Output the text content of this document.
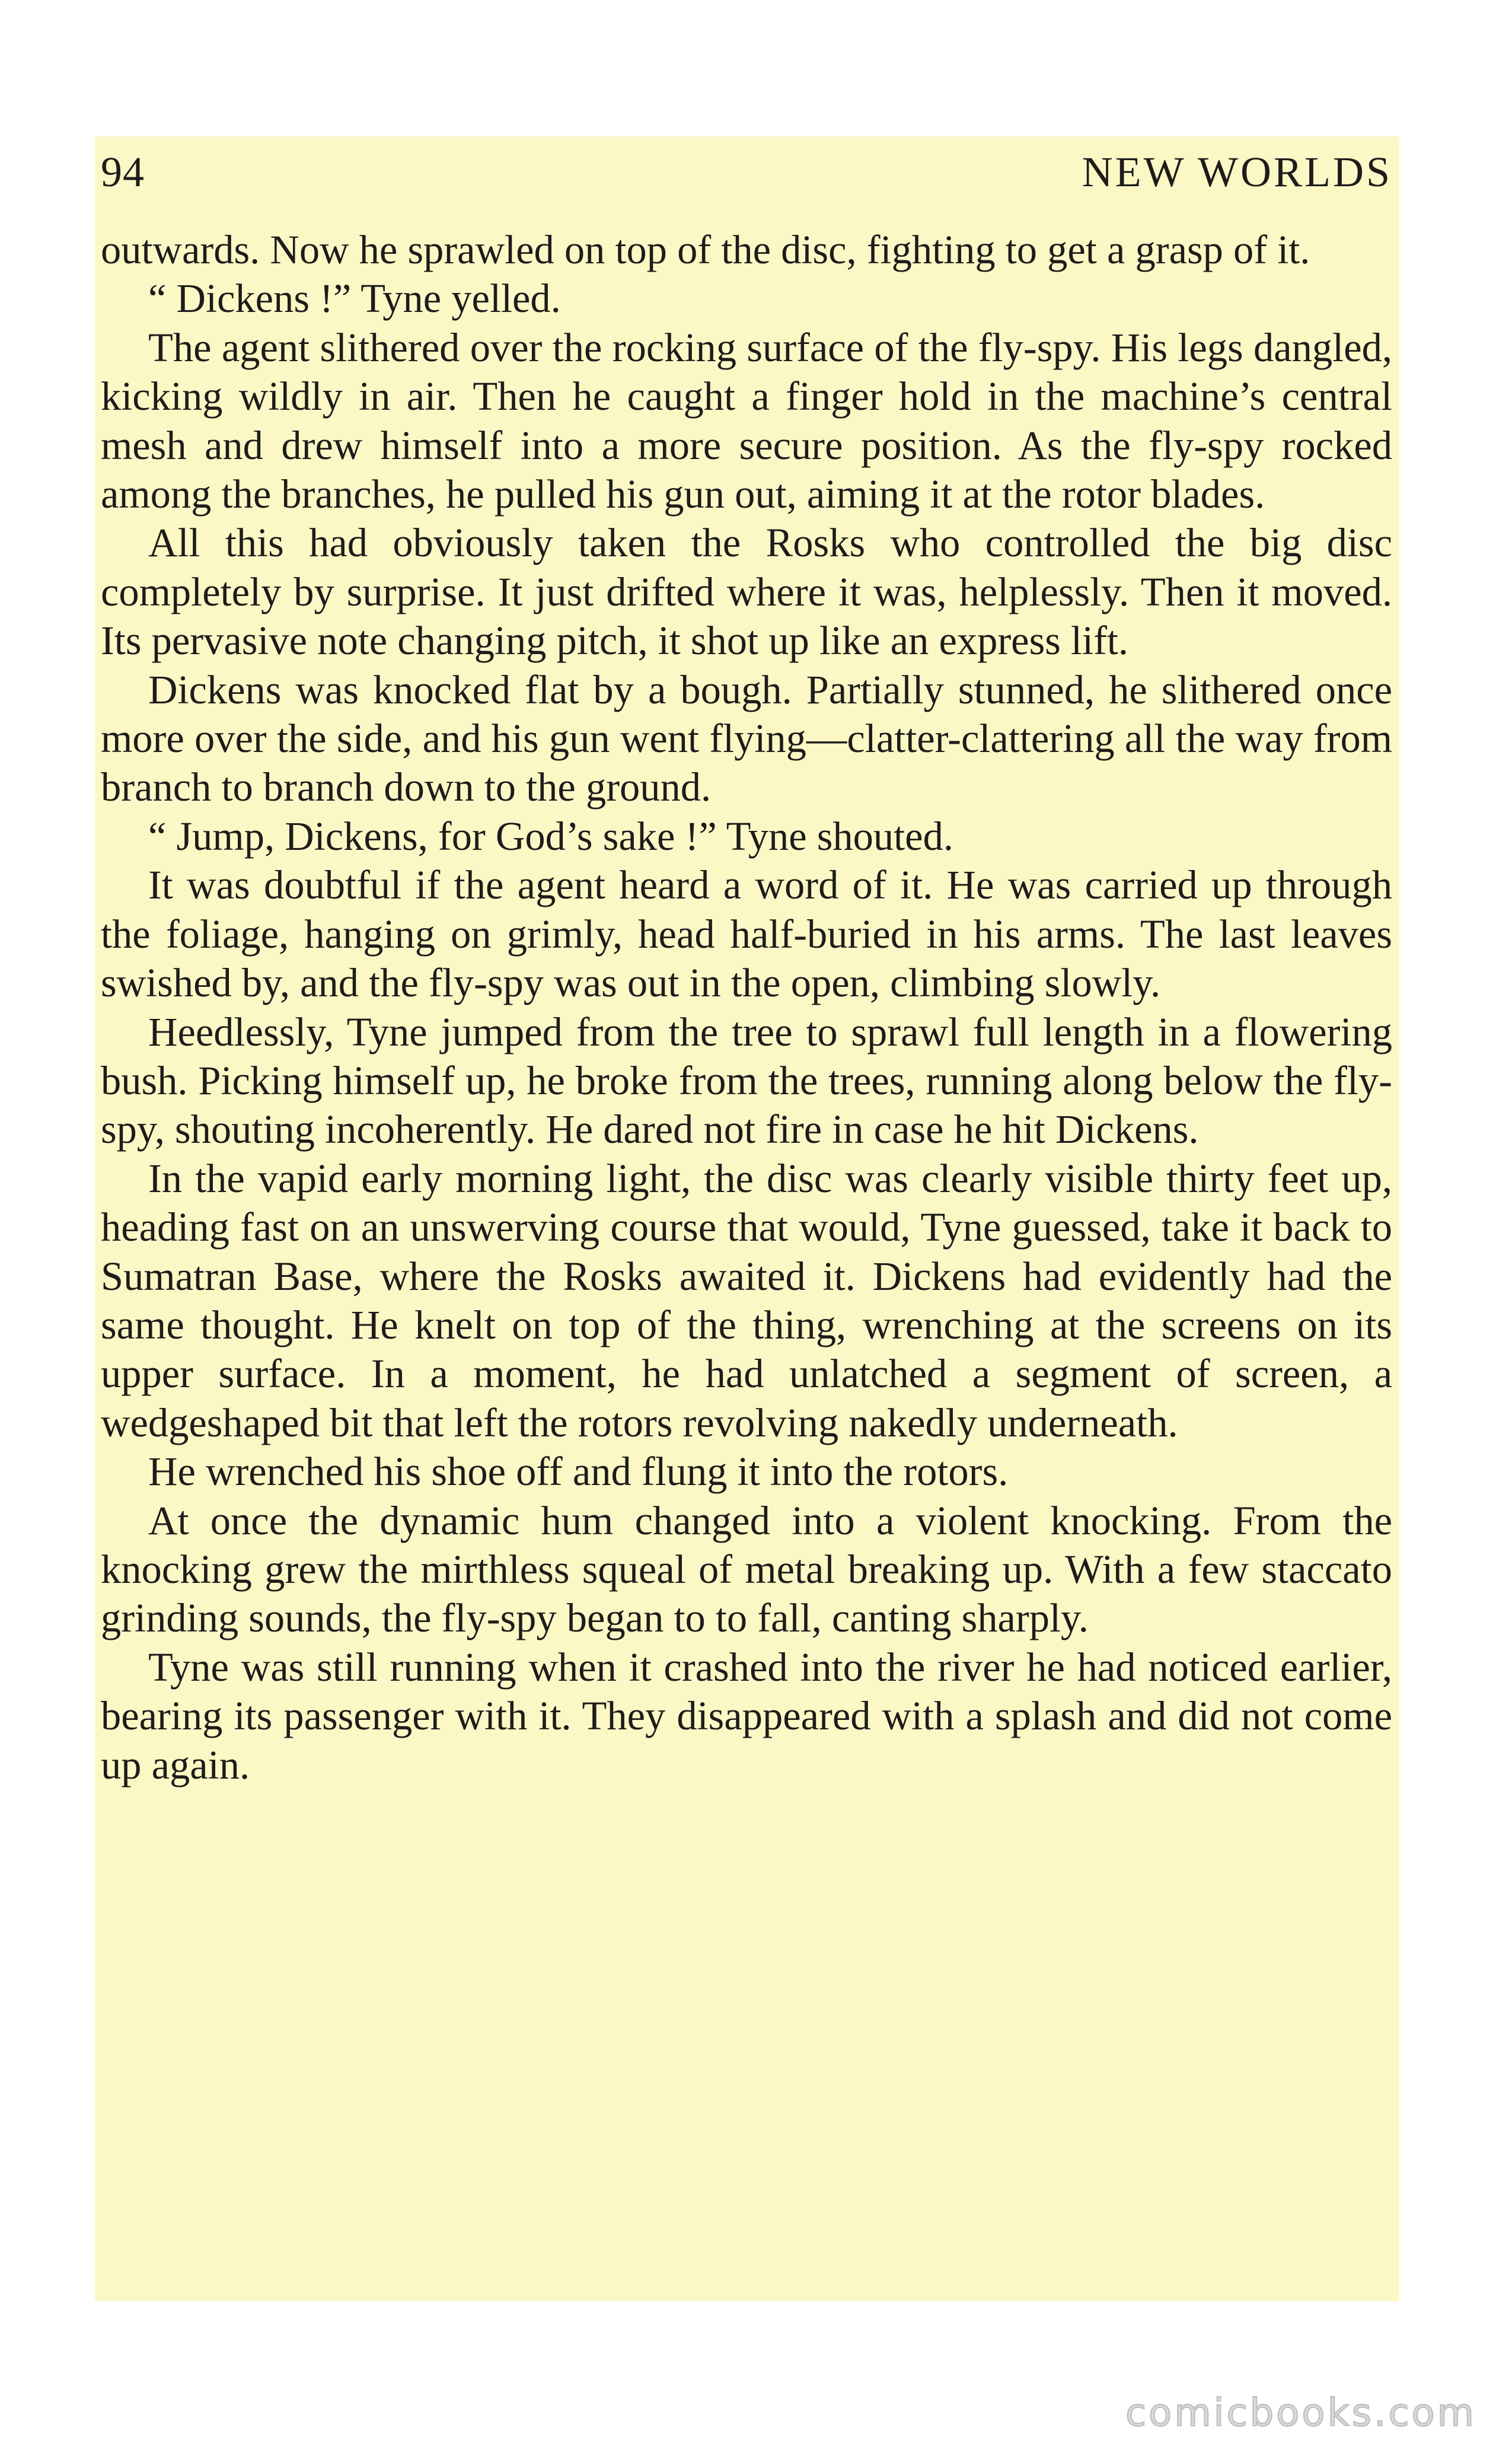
94	NEW WORLDS

outwards. Now he sprawled on top of the disc, fighting to get a grasp of it.

“ Dickens !” Tyne yelled.

The agent slithered over the rocking surface of the fly-spy. His legs dangled, kicking wildly in air. Then he caught a finger hold in the machine’s central mesh and drew himself into a more secure position. As the fly-spy rocked among the branches, he pulled his gun out, aiming it at the rotor blades.

All this had obviously taken the Rosks who controlled the big disc completely by surprise. It just drifted where it was, helplessly. Then it moved. Its pervasive note changing pitch, it shot up like an express lift.

Dickens was knocked flat by a bough. Partially stunned, he slithered once more over the side, and his gun went flying—clatter-clattering all the way from branch to branch down to the ground.

“ Jump, Dickens, for God’s sake !” Tyne shouted.

It was doubtful if the agent heard a word of it. He was carried up through the foliage, hanging on grimly, head half-buried in his arms. The last leaves swished by, and the fly-spy was out in the open, climbing slowly.

Heedlessly, Tyne jumped from the tree to sprawl full length in a flowering bush. Picking himself up, he broke from the trees, running along below the fly-spy, shouting incoherently. He dared not fire in case he hit Dickens.

In the vapid early morning light, the disc was clearly visible thirty feet up, heading fast on an unswerving course that would, Tyne guessed, take it back to Sumatran Base, where the Rosks awaited it. Dickens had evidently had the same thought. He knelt on top of the thing, wrenching at the screens on its upper surface. In a moment, he had unlatched a segment of screen, a wedgeshaped bit that left the rotors revolving nakedly underneath.

He wrenched his shoe off and flung it into the rotors.

At once the dynamic hum changed into a violent knocking. From the knocking grew the mirthless squeal of metal breaking up. With a few staccato grinding sounds, the fly-spy began to to fall, canting sharply.

Tyne was still running when it crashed into the river he had noticed earlier, bearing its passenger with it. They disappeared with a splash and did not come up again.

comicbooks.com
